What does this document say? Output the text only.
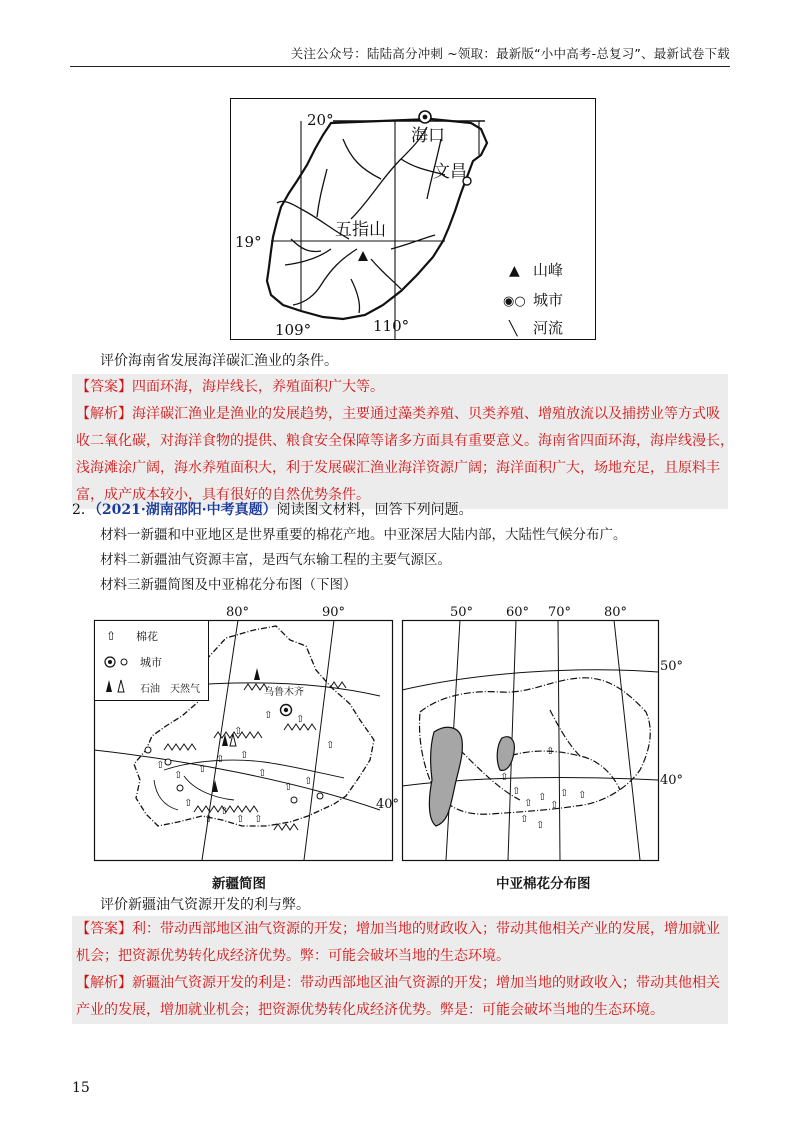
关注公众号：陆陆高分冲刺 ~领取：最新版“小中高考-总复习”、最新试卷下载
20°
19°
109°	110°
海口
文昌
五指山
▲ 山峰
◉○ 城市
╲ 河流
评价海南省发展海洋碳汇渔业的条件。
【答案】四面环海，海岸线长，养殖面积广大等。
【解析】海洋碳汇渔业是渔业的发展趋势，主要通过藻类养殖、贝类养殖、增殖放流以及捕捞业等方式吸
收二氧化碳，对海洋食物的提供、粮食安全保障等诸多方面具有重要意义。海南省四面环海，海岸线漫长，
浅海滩涂广阔，海水养殖面积大，利于发展碳汇渔业海洋资源广阔；海洋面积广大，场地充足，且原料丰
富，成产成本较小，具有很好的自然优势条件。
2．（2021·湖南邵阳·中考真题）阅读图文材料，回答下列问题。
材料一新疆和中亚地区是世界重要的棉花产地。中亚深居大陆内部，大陆性气候分布广。
材料二新疆油气资源丰富，是西气东输工程的主要气源区。
材料三新疆简图及中亚棉花分布图（下图）
80°	90°
40°
⇧
⇧
⇧
⇧ ⇧
⇧
⇧
⇧
⇧
⇧ ⇧
⇧
⇧
⇧
⇧ ⇧
⇧
乌鲁木齐
⇧ 棉花
城市
石油 天然气
50°	60° 70°	80°
50°
40°
⇧
⇧
⇧
⇧
⇧
⇧
⇧
⇧
⇧
⇧
新疆简图	中亚棉花分布图
评价新疆油气资源开发的利与弊。
【答案】利：带动西部地区油气资源的开发；增加当地的财政收入；带动其他相关产业的发展，增加就业
机会；把资源优势转化成经济优势。弊：可能会破坏当地的生态环境。
【解析】新疆油气资源开发的利是：带动西部地区油气资源的开发；增加当地的财政收入；带动其他相关
产业的发展，增加就业机会；把资源优势转化成经济优势。弊是：可能会破坏当地的生态环境。
15
